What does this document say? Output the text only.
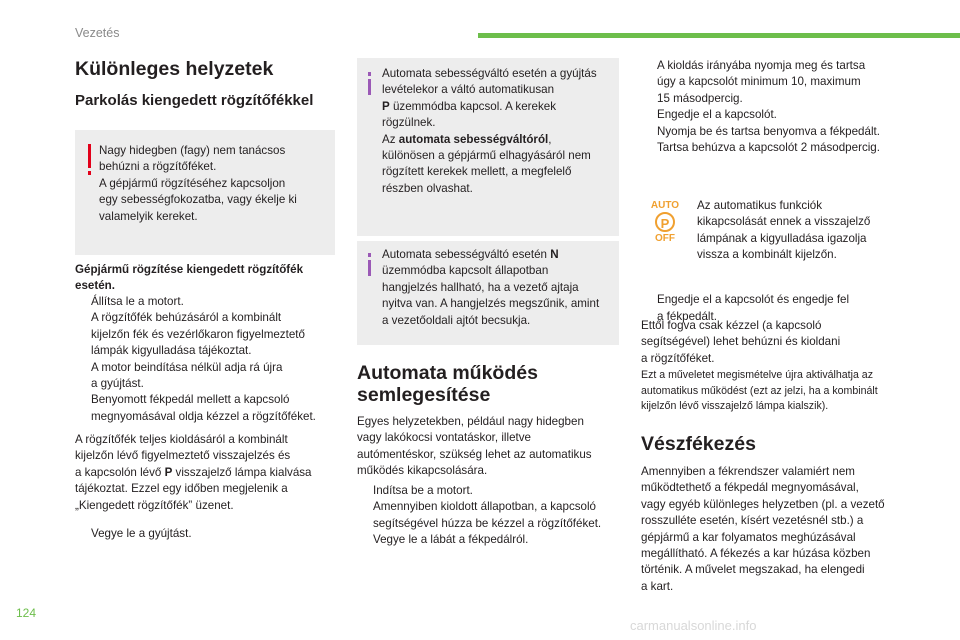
Vezetés
Különleges helyzetek
Parkolás kiengedett rögzítőfékkel

Nagy hidegben (fagy) nem tanácsos

behúzni a rögzítőféket.

A gépjármű rögzítéséhez kapcsoljon

egy sebességfokozatba, vagy ékelje ki

valamelyik kereket.

Gépjármű rögzítése kiengedett rögzítőfék

esetén.

Állítsa le a motort.

A rögzítőfék behúzásáról a kombinált

kijelzőn fék és vezérlőkaron figyelmeztető

lámpák kigyulladása tájékoztat.

A motor beindítása nélkül adja rá újra

a gyújtást.

Benyomott fékpedál mellett a kapcsoló

megnyomásával oldja kézzel a rögzítőféket.

A rögzítőfék teljes kioldásáról a kombinált

kijelzőn lévő figyelmeztető visszajelzés és

a kapcsolón lévő P visszajelző lámpa kialvása

tájékoztat. Ezzel egy időben megjelenik a

„Kiengedett rögzítőfék” üzenet.

Vegye le a gyújtást.

Automata sebességváltó esetén a gyújtás

levételekor a váltó automatikusan

P üzemmódba kapcsol. A kerekek

rögzülnek.

Az automata sebességváltóról,

különösen a gépjármű elhagyásáról nem

rögzített kerekek mellett, a megfelelő

részben olvashat.

Automata sebességváltó esetén N

üzemmódba kapcsolt állapotban

hangjelzés hallható, ha a vezető ajtaja

nyitva van. A hangjelzés megszűnik, amint

a vezetőoldali ajtót becsukja.

Automata működés

semlegesítése

Egyes helyzetekben, például nagy hidegben

vagy lakókocsi vontatáskor, illetve

autómentéskor, szükség lehet az automatikus

működés kikapcsolására.

Indítsa be a motort.

Amennyiben kioldott állapotban, a kapcsoló

segítségével húzza be kézzel a rögzítőféket.

Vegye le a lábát a fékpedálról.

A kioldás irányába nyomja meg és tartsa

úgy a kapcsolót minimum 10, maximum

15 másodpercig.

Engedje el a kapcsolót.

Nyomja be és tartsa benyomva a fékpedált.

Tartsa behúzva a kapcsolót 2 másodpercig.

AUTO
P
OFF

Az automatikus funkciók

kikapcsolását ennek a visszajelző

lámpának a kigyulladása igazolja

vissza a kombinált kijelzőn.

Engedje el a kapcsolót és engedje fel

a fékpedált.

Ettől fogva csak kézzel (a kapcsoló

segítségével) lehet behúzni és kioldani

a rögzítőféket.

Ezt a műveletet megismételve újra aktiválhatja az

automatikus működést (ezt az jelzi, ha a kombinált

kijelzőn lévő visszajelző lámpa kialszik).

Vészfékezés

Amennyiben a fékrendszer valamiért nem

működtethető a fékpedál megnyomásával,

vagy egyéb különleges helyzetben (pl. a vezető

rosszulléte esetén, kísért vezetésnél stb.) a

gépjármű a kar folyamatos meghúzásával

megállítható. A fékezés a kar húzása közben

történik. A művelet megszakad, ha elengedi

a kart.

124
carmanualsonline.info
